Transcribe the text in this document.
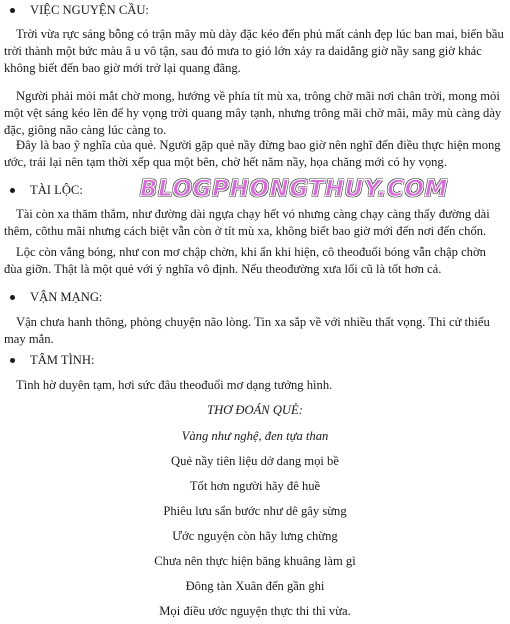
VIỆC NGUYỆN CẦU:

Trời vừa rực sáng bỗng có trận mây mù dày đặc kéo đến phủ mất cảnh đẹp lúc ban mai, biến bầu trời thành một bức màu â u vô tận, sau đó mưa to gió lớn xảy ra daidẳng giờ nầy sang giờ khác không biết đến bao giờ mới trở lại quang đãng.

Người phải mỏi mắt chờ mong, hướng về phía tít mù xa, trông chờ mãi nơi chân trời, mong mỏi một vệt sáng kéo lên để hy vọng trời quang mây tạnh, nhưng trông mãi chờ mãi, mây mù càng dày đặc, giông não càng lúc càng to.

Đây là bao ỹ nghĩa của quẻ. Người gặp quẻ nầy đừng bao giờ nên nghĩ đến điều thực hiện mong ước, trái lại nên tạm thời xếp qua một bên, chờ hết năm nầy, họa chăng mới có hy vọng.

BLOGPHONGTHUY.COM
TÀI LỘC:

Tài còn xa thăm thẳm, như đường dài ngựa chạy hết vó nhưng càng chạy càng thấy đường dài thêm, cõthu mãi nhưng cách biệt vẫn còn ở tít mù xa, không biết bao giờ mới đến nơi đến chốn.

Lộc còn vắng bóng, như con mơ chập chờn, khi ẩn khi hiện, cô theođuổi bóng vẫn chập chờn đùa giỡn. Thật là một quẻ với ý nghĩa vô định. Nếu theođường xưa lối cũ là tốt hơn cả.

VẬN MẠNG:

Vận chưa hanh thông, phòng chuyện não lòng. Tin xa sắp về với nhiều thất vọng. Thi cử thiếu may mắn.

TÂM TÌNH:

Tình hờ duyên tạm, hơi sức đâu theođuổi mơ dạng tưởng hình.

THƠ ĐOÁN QUẺ:
Vàng như nghệ, đen tựa than
Quẻ nầy tiên liệu dở dang mọi bề
Tốt hơn người hãy đê huề
Phiêu lưu sẩn bước như dê gây sừng
Ước nguyện còn hãy lưng chừng
Chưa nên thực hiện băng khuâng làm gì
Đông tàn Xuân đến gần ghi
Mọi điều ước nguyện thực thi thì vừa.
